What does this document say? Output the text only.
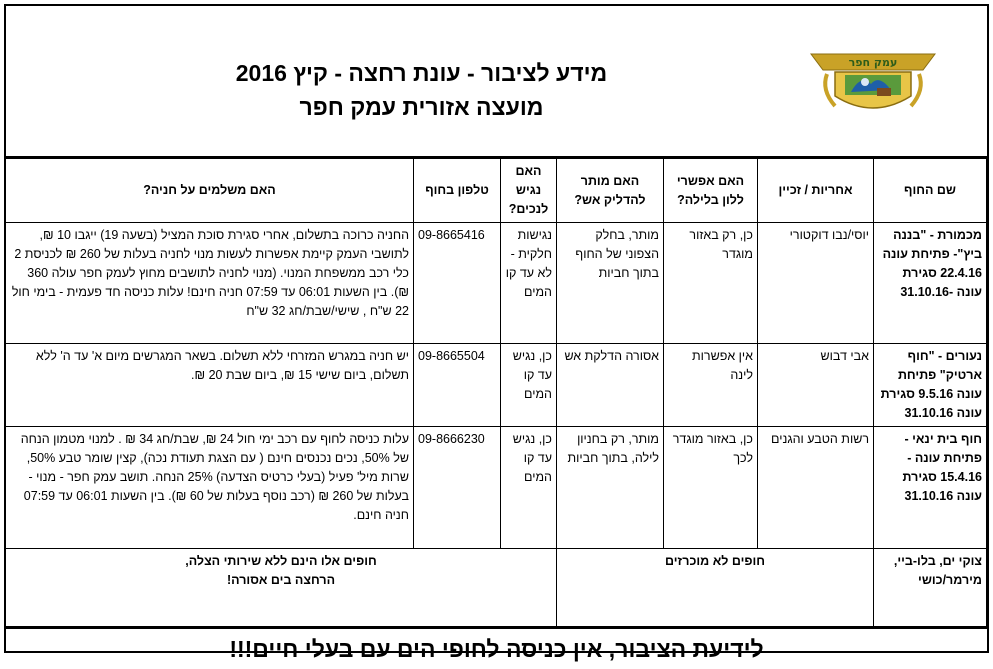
עמק חפר
מידע לציבור - עונת רחצה - קיץ 2016
מועצה אזורית עמק חפר
שם החוף	אחריות / זכיין	האם אפשרי ללון בלילה?	האם מותר להדליק אש?	האם נגיש לנכים?	טלפון בחוף	האם משלמים על חניה?
מכמורת - "בננה ביץ"- פתיחת עונה 22.4.16 סגירת עונה -31.10.16	יוסי/נבו דוקטורי	כן, רק באזור מוגדר	מותר, בחלק הצפוני של החוף בתוך חביות	נגישות חלקית - לא עד קו המים	09-8665416	החניה כרוכה בתשלום, אחרי סגירת סוכת המציל (בשעה 19) ייגבו 10 ₪, לתושבי העמק קיימת אפשרות לעשות מנוי לחניה בעלות של 260 ₪ לכניסת 2 כלי רכב ממשפחת המנוי. (מנוי לחניה לתושבים מחוץ לעמק חפר עולה 360 ₪). בין השעות 06:01 עד 07:59 חניה חינם! עלות כניסה חד פעמית - בימי חול 22 ש"ח , שישי/שבת/חג 32 ש"ח
נעורים - "חוף ארטיק" פתיחת עונה 9.5.16 סגירת עונה 31.10.16	אבי דבוש	אין אפשרות לינה	אסורה הדלקת אש	כן, נגיש עד קו המים	09-8665504	יש חניה במגרש המזרחי ללא תשלום. בשאר המגרשים מיום א' עד ה' ללא תשלום, ביום שישי 15 ₪, ביום שבת 20 ₪.
חוף בית ינאי - פתיחת עונה - 15.4.16 סגירת עונה 31.10.16	רשות הטבע והגנים	כן, באזור מוגדר לכך	מותר, רק בחניון לילה, בתוך חביות	כן, נגיש עד קו המים	09-8666230	עלות כניסה לחוף עם רכב ימי חול 24 ₪, שבת/חג 34 ₪ . למנוי מטמון הנחה של 50%, נכים נכנסים חינם ( עם הצגת תעודת נכה), קצין שומר טבע 50%, שרות מיל' פעיל (בעלי כרטיס הצדעה) 25% הנחה. תושב עמק חפר - מנוי - בעלות של 260 ₪ (רכב נוסף בעלות של 60 ₪). בין השעות 06:01 עד 07:59 חניה חינם.
צוקי ים, בלו-ביי, מירמר/כושי	חופים לא מוכרזים			חופים אלו הינם ללא שירותי הצלה,
הרחצה בים אסורה!		
לידיעת הציבור, אין כניסה לחופי הים עם בעלי חיים!!!
